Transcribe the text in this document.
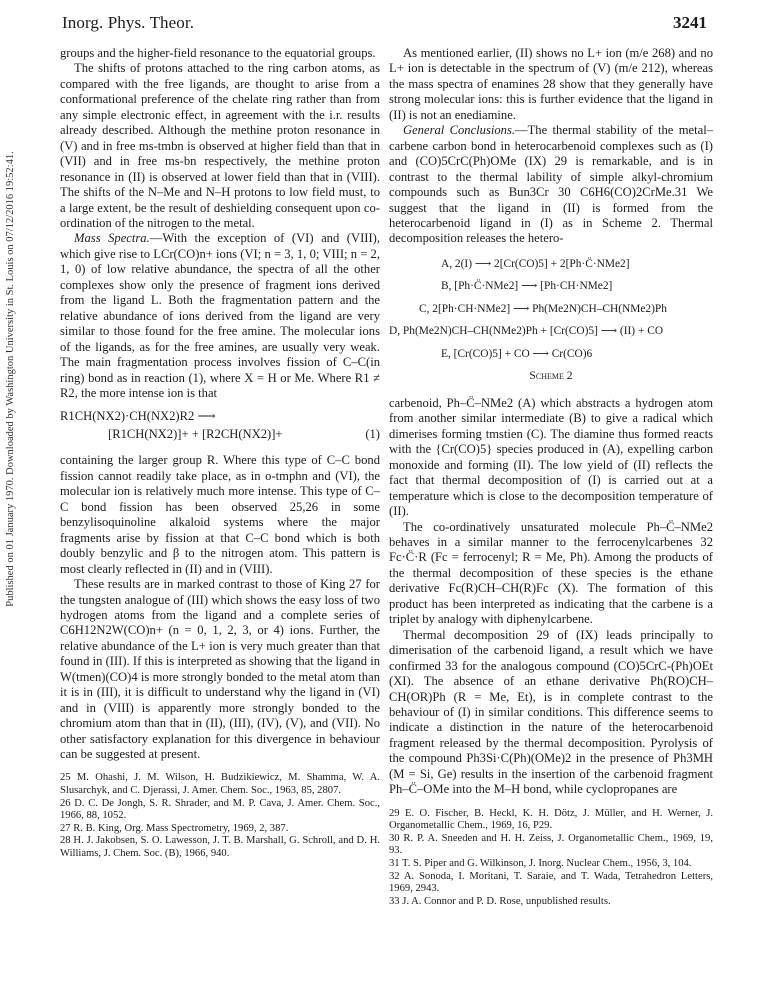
Inorg. Phys. Theor.	3241
Published on 01 January 1970. Downloaded by Washington University in St. Louis on 07/12/2016 19:52:41.

groups and the higher-field resonance to the equatorial groups.

The shifts of protons attached to the ring carbon atoms, as compared with the free ligands, are thought to arise from a conformational preference of the chelate ring rather than from any simple electronic effect, in agreement with the i.r. results already described. Although the methine proton resonance in (V) and in free ms-tmbn is observed at higher field than that in (VII) and in free ms-bn respectively, the methine proton resonance in (II) is observed at lower field than that in (VIII). The shifts of the N–Me and N–H protons to low field must, to a large extent, be the result of deshielding consequent upon co-ordination of the nitrogen to the metal.

Mass Spectra.—With the exception of (VI) and (VIII), which give rise to LCr(CO)n+ ions (VI; n = 3, 1, 0; VIII; n = 2, 1, 0) of low relative abundance, the spectra of all the other complexes show only the presence of fragment ions derived from the ligand L. Both the fragmentation pattern and the relative abundance of ions derived from the ligand are very similar to those found for the free amine. The molecular ions of the ligands, as for the free amines, are usually very weak. The main fragmentation process involves fission of C–C(in ring) bond as in reaction (1), where X = H or Me. Where R1 ≠ R2, the more intense ion is that

R1CH(NX2)·CH(NX2)R2 ⟶
[R1CH(NX2)]+ + [R2CH(NX2)]+	(1)

containing the larger group R. Where this type of C–C bond fission cannot readily take place, as in o-tmphn and (VI), the molecular ion is relatively much more intense. This type of C–C bond fission has been observed 25,26 in some benzylisoquinoline alkaloid systems where the major fragments arise by fission at that C–C bond which is both doubly benzylic and β to the nitrogen atom. This pattern is most clearly reflected in (II) and in (VIII).

These results are in marked contrast to those of King 27 for the tungsten analogue of (III) which shows the easy loss of two hydrogen atoms from the ligand and a complete series of C6H12N2W(CO)n+ (n = 0, 1, 2, 3, or 4) ions. Further, the relative abundance of the L+ ion is very much greater than that found in (III). If this is interpreted as showing that the ligand in W(tmen)(CO)4 is more strongly bonded to the metal atom than it is in (III), it is difficult to understand why the ligand in (VI) and in (VIII) is apparently more strongly bonded to the chromium atom than that in (II), (III), (IV), (V), and (VII). No other satisfactory explanation for this divergence in behaviour can be suggested at present.

25 M. Ohashi, J. M. Wilson, H. Budzikiewicz, M. Shamma, W. A. Slusarchyk, and C. Djerassi, J. Amer. Chem. Soc., 1963, 85, 2807.

26 D. C. De Jongh, S. R. Shrader, and M. P. Cava, J. Amer. Chem. Soc., 1966, 88, 1052.

27 R. B. King, Org. Mass Spectrometry, 1969, 2, 387.

28 H. J. Jakobsen, S. O. Lawesson, J. T. B. Marshall, G. Schroll, and D. H. Williams, J. Chem. Soc. (B), 1966, 940.

As mentioned earlier, (II) shows no L+ ion (m/e 268) and no L+ ion is detectable in the spectrum of (V) (m/e 212), whereas the mass spectra of enamines 28 show that they generally have strong molecular ions: this is further evidence that the ligand in (II) is not an enediamine.

General Conclusions.—The thermal stability of the metal–carbene carbon bond in heterocarbenoid complexes such as (I) and (CO)5CrC(Ph)OMe (IX) 29 is remarkable, and is in contrast to the thermal lability of simple alkyl-chromium compounds such as Bun3Cr 30 C6H6(CO)2CrMe.31 We suggest that the ligand in (II) is formed from the heterocarbenoid ligand in (I) as in Scheme 2. Thermal decomposition releases the hetero-

A, 2(I) ⟶ 2[Cr(CO)5] + 2[Ph·C̈·NMe2]
B, [Ph·C̈·NMe2] ⟶ [Ph·CH·NMe2]
C, 2[Ph·CH·NMe2] ⟶ Ph(Me2N)CH–CH(NMe2)Ph
D, Ph(Me2N)CH–CH(NMe2)Ph + [Cr(CO)5] ⟶ (II) + CO
E, [Cr(CO)5] + CO ⟶ Cr(CO)6
Scheme 2

carbenoid, Ph–C̈–NMe2 (A) which abstracts a hydrogen atom from another similar intermediate (B) to give a radical which dimerises forming tmstien (C). The diamine thus formed reacts with the {Cr(CO)5} species produced in (A), expelling carbon monoxide and forming (II). The low yield of (II) reflects the fact that thermal decomposition of (I) is carried out at a temperature which is close to the decomposition temperature of (II).

The co-ordinatively unsaturated molecule Ph–C̈–NMe2 behaves in a similar manner to the ferrocenylcarbenes 32 Fc·C̈·R (Fc = ferrocenyl; R = Me, Ph). Among the products of the thermal decomposition of these species is the ethane derivative Fc(R)CH–CH(R)Fc (X). The formation of this product has been interpreted as indicating that the carbene is a triplet by analogy with diphenylcarbene.

Thermal decomposition 29 of (IX) leads principally to dimerisation of the carbenoid ligand, a result which we have confirmed 33 for the analogous compound (CO)5CrC-(Ph)OEt (XI). The absence of an ethane derivative Ph(RO)CH–CH(OR)Ph (R = Me, Et), is in complete contrast to the behaviour of (I) in similar conditions. This difference seems to indicate a distinction in the nature of the heterocarbenoid fragment released by the thermal decomposition. Pyrolysis of the compound Ph3Si·C(Ph)(OMe)2 in the presence of Ph3MH (M = Si, Ge) results in the insertion of the carbenoid fragment Ph–C̈–OMe into the M–H bond, while cyclopropanes are

29 E. O. Fischer, B. Heckl, K. H. Dötz, J. Müller, and H. Werner, J. Organometallic Chem., 1969, 16, P29.

30 R. P. A. Sneeden and H. H. Zeiss, J. Organometallic Chem., 1969, 19, 93.

31 T. S. Piper and G. Wilkinson, J. Inorg. Nuclear Chem., 1956, 3, 104.

32 A. Sonoda, I. Moritani, T. Saraie, and T. Wada, Tetrahedron Letters, 1969, 2943.

33 J. A. Connor and P. D. Rose, unpublished results.
